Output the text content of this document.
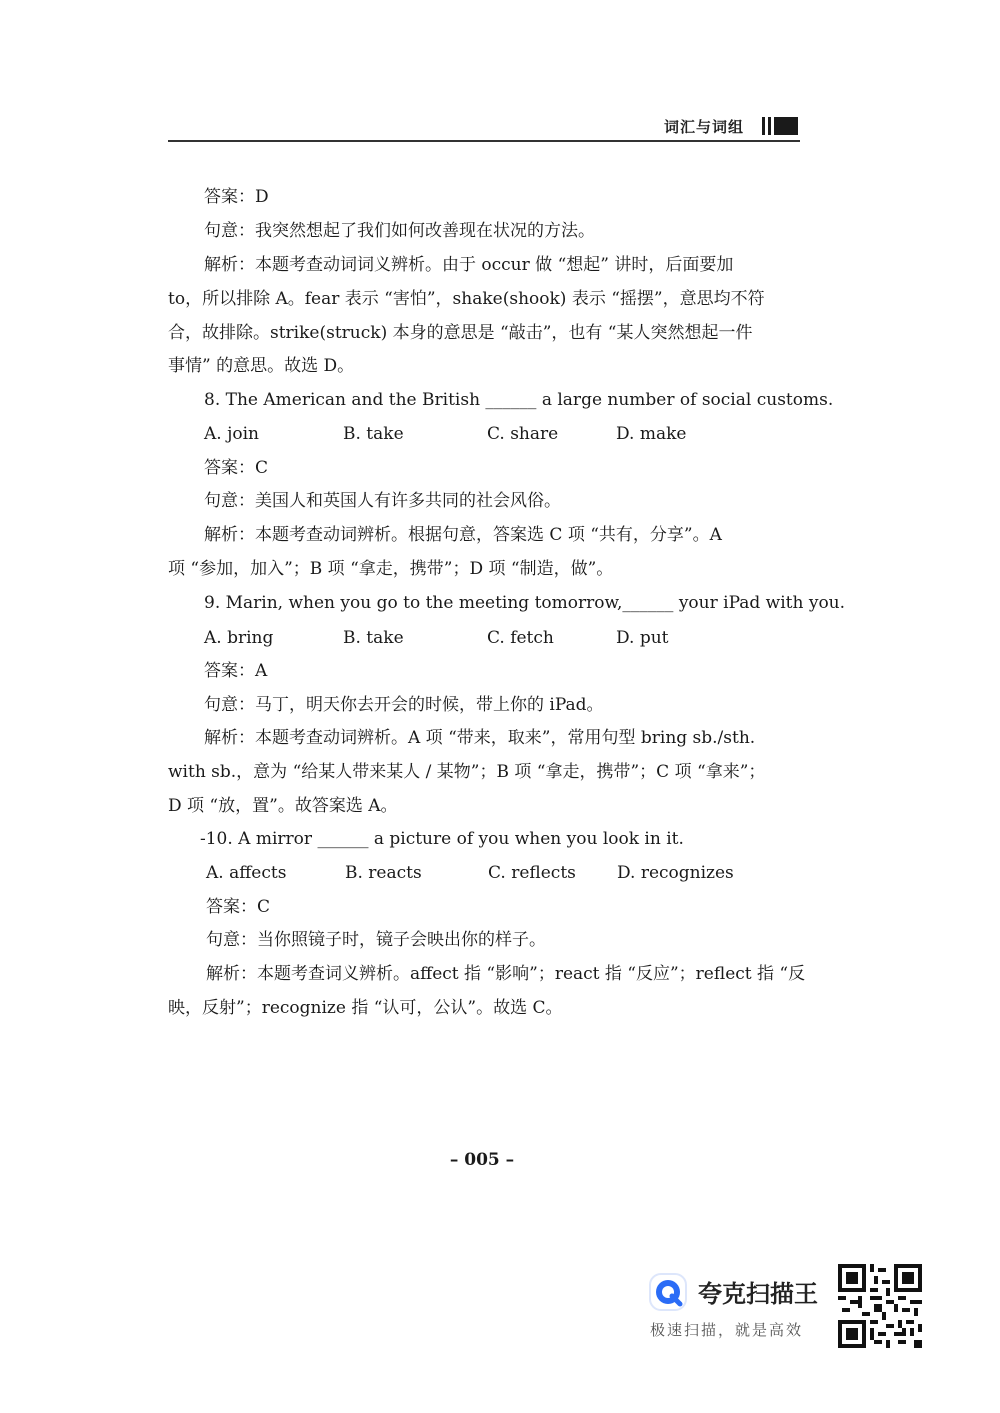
词汇与词组
答案：D
句意：我突然想起了我们如何改善现在状况的方法。
解析：本题考查动词词义辨析。由于 occur 做 “想起” 讲时，后面要加
to，所以排除 A。fear 表示 “害怕”，shake(shook) 表示 “摇摆”，意思均不符
合，故排除。strike(struck) 本身的意思是 “敲击”，也有 “某人突然想起一件
事情” 的意思。故选 D。
8. The American and the British ______ a large number of social customs.
A. join	B. take	C. share	D. make
答案：C
句意：美国人和英国人有许多共同的社会风俗。
解析：本题考查动词辨析。根据句意，答案选 C 项 “共有，分享”。A
项 “参加，加入”；B 项 “拿走，携带”；D 项 “制造，做”。
9. Marin, when you go to the meeting tomorrow,______ your iPad with you.
A. bring	B. take	C. fetch	D. put
答案：A
句意：马丁，明天你去开会的时候，带上你的 iPad。
解析：本题考查动词辨析。A 项 “带来，取来”，常用句型 bring sb./sth.
with sb.，意为 “给某人带来某人 / 某物”；B 项 “拿走，携带”；C 项 “拿来”；
D 项 “放，置”。故答案选 A。
-10. A mirror ______ a picture of you when you look in it.
A. affects	B. reacts	C. reflects D. recognizes
答案：C
句意：当你照镜子时，镜子会映出你的样子。
解析：本题考查词义辨析。affect 指 “影响”；react 指 “反应”；reflect 指 “反
映，反射”；recognize 指 “认可，公认”。故选 C。
– 005 –
夸克扫描王
极速扫描，就是高效
